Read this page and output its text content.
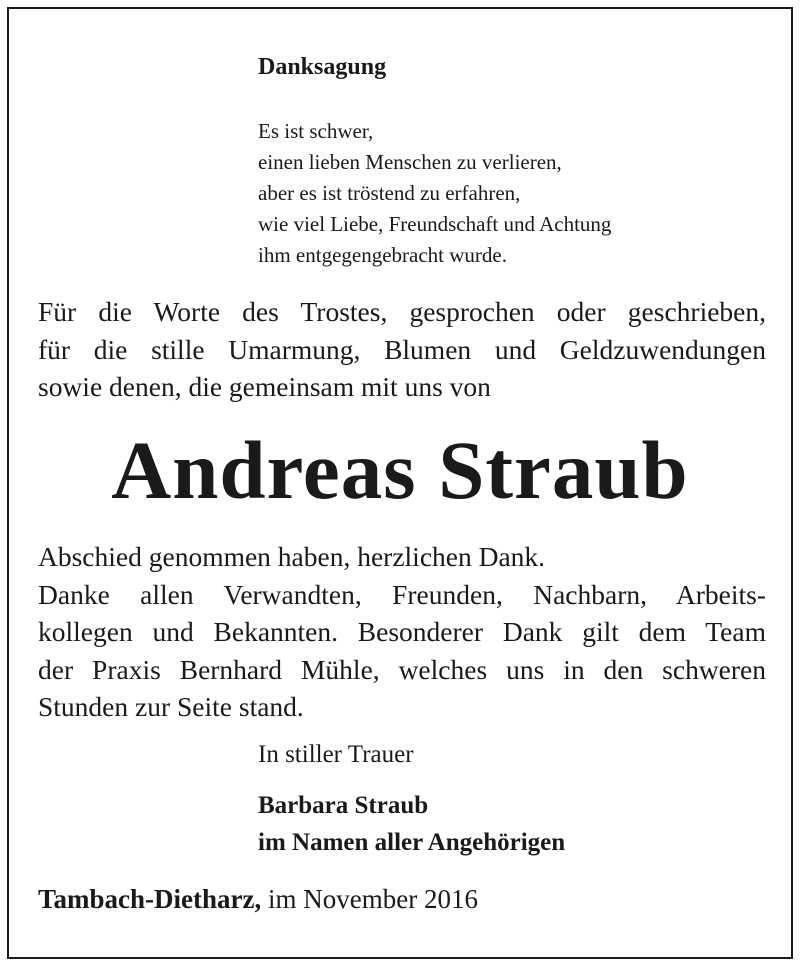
Danksagung
Es ist schwer,
einen lieben Menschen zu verlieren,
aber es ist tröstend zu erfahren,
wie viel Liebe, Freundschaft und Achtung
ihm entgegengebracht wurde.
Für die Worte des Trostes, gesprochen oder geschrieben,
für die stille Umarmung, Blumen und Geldzuwendungen
sowie denen, die gemeinsam mit uns von
Andreas Straub
Abschied genommen haben, herzlichen Dank.
Danke allen Verwandten, Freunden, Nachbarn, Arbeits-
kollegen und Bekannten. Besonderer Dank gilt dem Team
der Praxis Bernhard Mühle, welches uns in den schweren
Stunden zur Seite stand.
In stiller Trauer
Barbara Straub
im Namen aller Angehörigen
Tambach-Dietharz, im November 2016
